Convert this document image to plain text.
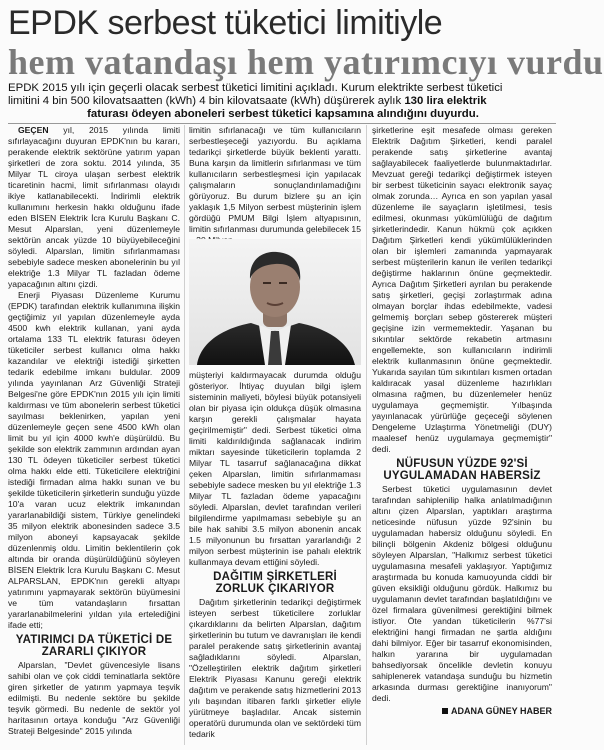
EPDK serbest tüketici limitiyle
hem vatandaşı hem yatırımcıyı vurdu
EPDK 2015 yılı için geçerli olacak serbest tüketici limitini açıkladı. Kurum elektrikte serbest tüketici
limitini 4 bin 500 kilovatsaatten (kWh) 4 bin kilovatsaate (kWh) düşürerek aylık 130 lira elektrik
faturası ödeyen aboneleri serbest tüketici kapsamına alındığını duyurdu.

GEÇEN yıl, 2015 yılında limiti sıfırlayacağını duyuran EPDK'nın bu kararı, perakende elektrik sektörüne yatırım yapan şirketleri de zora soktu. 2014 yılında, 35 Milyar TL ciroya ulaşan serbest elektrik ticaretinin hacmi, limit sıfırlanması olayıdı ikiye katlanabilecekti. İndirimli elektrik kullanımını herkesin hakkı olduğunu ifade eden BİSEN Elektrik İcra Kurulu Başkanı C. Mesut Alparslan, yeni düzenlemeyle sektörün ancak yüzde 10 büyüyebileceğini söyledi. Alparslan, limitin sıfırlanmaması sebebiyle sadece mesken abonelerinin bu yıl elektriğe 1.3 Milyar TL fazladan ödeme yapacağının altını çizdi.

Enerji Piyasası Düzenleme Kurumu (EPDK) tarafından elektrik kullanımına ilişkin geçtiğimiz yıl yapılan düzenlemeyle ayda 4500 kwh elektrik kullanan, yani ayda ortalama 133 TL elektrik faturası ödeyen tüketiciler serbest kullanıcı olma hakkı kazandılar ve elektriği istediği şirketten tedarik edebilme imkanı buldular. 2009 yılında yayınlanan Arz Güvenliği Strateji Belgesi'ne göre EPDK'nın 2015 yılı için limiti kaldırması ve tüm abonelerin serbest tüketici sayılması beklenirken, yapılan yeni düzenlemeyle geçen sene 4500 kWh olan limit bu yıl için 4000 kwh'e düşürüldü. Bu şekilde son elektrik zammının ardından ayan 130 TL ödeyen tüketiciler serbest tüketici olma hakkı elde etti. Tüketicilere elektriğini istediği firmadan alma hakkı sunan ve bu şekilde tüketicilerin şirketlerin sunduğu yüzde 10'a varan ucuz elektrik imkanından yararlanabildiği sistem, Türkiye genelindeki 35 milyon elektrik abonesinden sadece 3.5 milyon aboneyi kapsayacak şekilde düzenlenmiş oldu. Limitin beklentilerin çok altında bir oranda düşürüldüğünü söyleyen BİSEN Elektrik İcra Kurulu Başkanı C. Mesut ALPARSLAN, EPDK'nın gerekli altyapı yatırımını yapmayarak sektörün büyümesini ve tüm vatandaşların fırsattan yararlanabilmelerini yıldan yıla ertelediğini ifade etti;

YATIRIMCI DA TÜKETİCİ DE ZARARLI ÇIKIYOR

Alparslan, "Devlet güvencesiyle lisans sahibi olan ve çok ciddi teminatlarla sektöre giren şirketler de yatırım yapmaya teşvik edilmişti. Bu nedenle sektöre bu şekilde teşvik görmedi. Bu nedenle de sektör yol haritasının ortaya konduğu "Arz Güvenliği Strateji Belgesinde" 2015 yılında

limitin sıfırlanacağı ve tüm kullanıcıların serbestleşeceği yazıyordu. Bu açıklama tedarikçi şirketlerde büyük beklenti yarattı. Buna karşın da limitlerin sıfırlanması ve tüm kullanıcıların serbestleşmesi için yapılacak çalışmaların sonuçlandırılamadığını görüyoruz. Bu durum bizlere şu an için yaklaşık 1,5 Milyon serbest müşterinin işlem gördüğü PMUM Bilgi İşlem altyapısının, limitin sıfırlanması durumunda gelebilecek 15

müşteriyi kaldırmayacak durumda olduğu gösteriyor. İhtiyaç duyulan bilgi işlem sisteminin maliyeti, böylesi büyük potansiyeli olan bir piyasa için oldukça düşük olmasına karşın gerekli çalışmalar hayata geçirilmemiştir" dedi. Serbest tüketici olma limiti kaldırıldığında sağlanacak indirim miktarı sayesinde tüketicilerin toplamda 2 Milyar TL tasarruf sağlanacağına dikkat çeken Alparslan, limitin sıfırlanmaması sebebiyle sadece mesken bu yıl elektriğe 1.3 Milyar TL fazladan ödeme yapacağını söyledi. Alparslan, devlet tarafından verileri bilgilendirme yapılmaması sebebiyle şu an bile hak sahibi 3.5 milyon abonenin ancak 1.5 milyonunun bu fırsattan yararlandığı 2 milyon serbest müşterinin ise pahalı elektrik kullanmaya devam ettiğini söyledi.

DAĞITIM ŞİRKETLERİ ZORLUK ÇIKARIYOR

Dağıtım şirketlerinin tedarikçi değiştirmek isteyen serbest tüketicilere zorluklar çıkardıklarını da belirten Alparslan, dağıtım şirketlerinin bu tutum ve davranışları ile kendi paralel perakende satış şirketlerinin avantaj sağladıklarını söyledi. Alparslan, "Özelleştirilen elektrik dağıtım şirketleri Elektrik Piyasası Kanunu gereği elektrik dağıtım ve perakende satış hizmetlerini 2013 yılı başından itibaren farklı şirketler eliyle yürütmeye başladılar. Ancak sistemin operatörü durumunda olan ve sektördeki tüm tedarik

şirketlerine eşit mesafede olması gereken Elektrik Dağıtım Şirketleri, kendi paralel perakende satış şirketlerine avantaj sağlayabilecek faaliyetlerde bulunmaktadırlar. Mevzuat gereği tedarikçi değiştirmek isteyen bir serbest tüketicinin sayacı elektronik sayaç olmak zorunda… Ayrıca en son yapılan yasal düzenleme ile sayaçların işletilmesi, tesis edilmesi, okunması yükümlülüğü de dağıtım şirketlerindedir. Kanun hükmü çok açıkken Dağıtım Şirketleri kendi yükümlülüklerinden olan bir işlemleri zamanında yapmayarak serbest müşterilerin kanun ile verilen tedarikçi değiştirme haklarının önüne geçmektedir. Ayrıca Dağıtım Şirketleri ayrılan bu perakende satış şirketleri, geçişi zorlaştırmak adına olmayan borçlar ihdas edebilmekte, vadesi gelmemiş borçları sebep göstererek müşteri geçişine izin vermemektedir. Yaşanan bu sıkıntılar sektörde rekabetin artmasını engellemekte, son kullanıcıların indirimli elektrik kullanmasının önüne geçmektedir. Yukarıda sayılan tüm sıkıntıları kısmen ortadan kaldıracak yasal düzenleme hazırlıkları olmasına rağmen, bu düzenlemeler henüz uygulamaya geçmemiştir. Yılbaşında yayınlanacak yürürlüğe geçeceği söylenen Dengeleme Uzlaştırma Yönetmeliği (DUY) maalesef henüz uygulamaya geçmemiştir" dedi.

NÜFUSUN YÜZDE 92'Sİ UYGULAMADAN HABERSİZ

Serbest tüketici uygulamasının devlet tarafından sahiplenilip halka anlatılmadığının altını çizen Alparslan, yaptıkları araştırma neticesinde nüfusun yüzde 92'sinin bu uygulamadan habersiz olduğunu söyledi. En bilinçli bölgenin Akdeniz bölgesi olduğunu söyleyen Alparslan, "Halkımız serbest tüketici uygulamasına mesafeli yaklaşıyor. Yaptığımız araştırmada bu konuda kamuoyunda ciddi bir güven eksikliği olduğunu gördük. Halkımız bu uygulamanın devlet tarafından başlatıldığını ve özel firmalara güvenilmesi gerektiğini bilmek istiyor. Öte yandan tüketicilerin %77'si elektriğini hangi firmadan ne şartla aldığını dahi bilmiyor. Eğer bir tasarruf ekonomisinden, halkın yararına bir uygulamadan bahsediyorsak öncelikle devletin konuyu sahiplenerek vatandaşa sunduğu bu hizmetin arkasında durması gerektiğine inanıyorum" dedi.

ADANA GÜNEY HABER
